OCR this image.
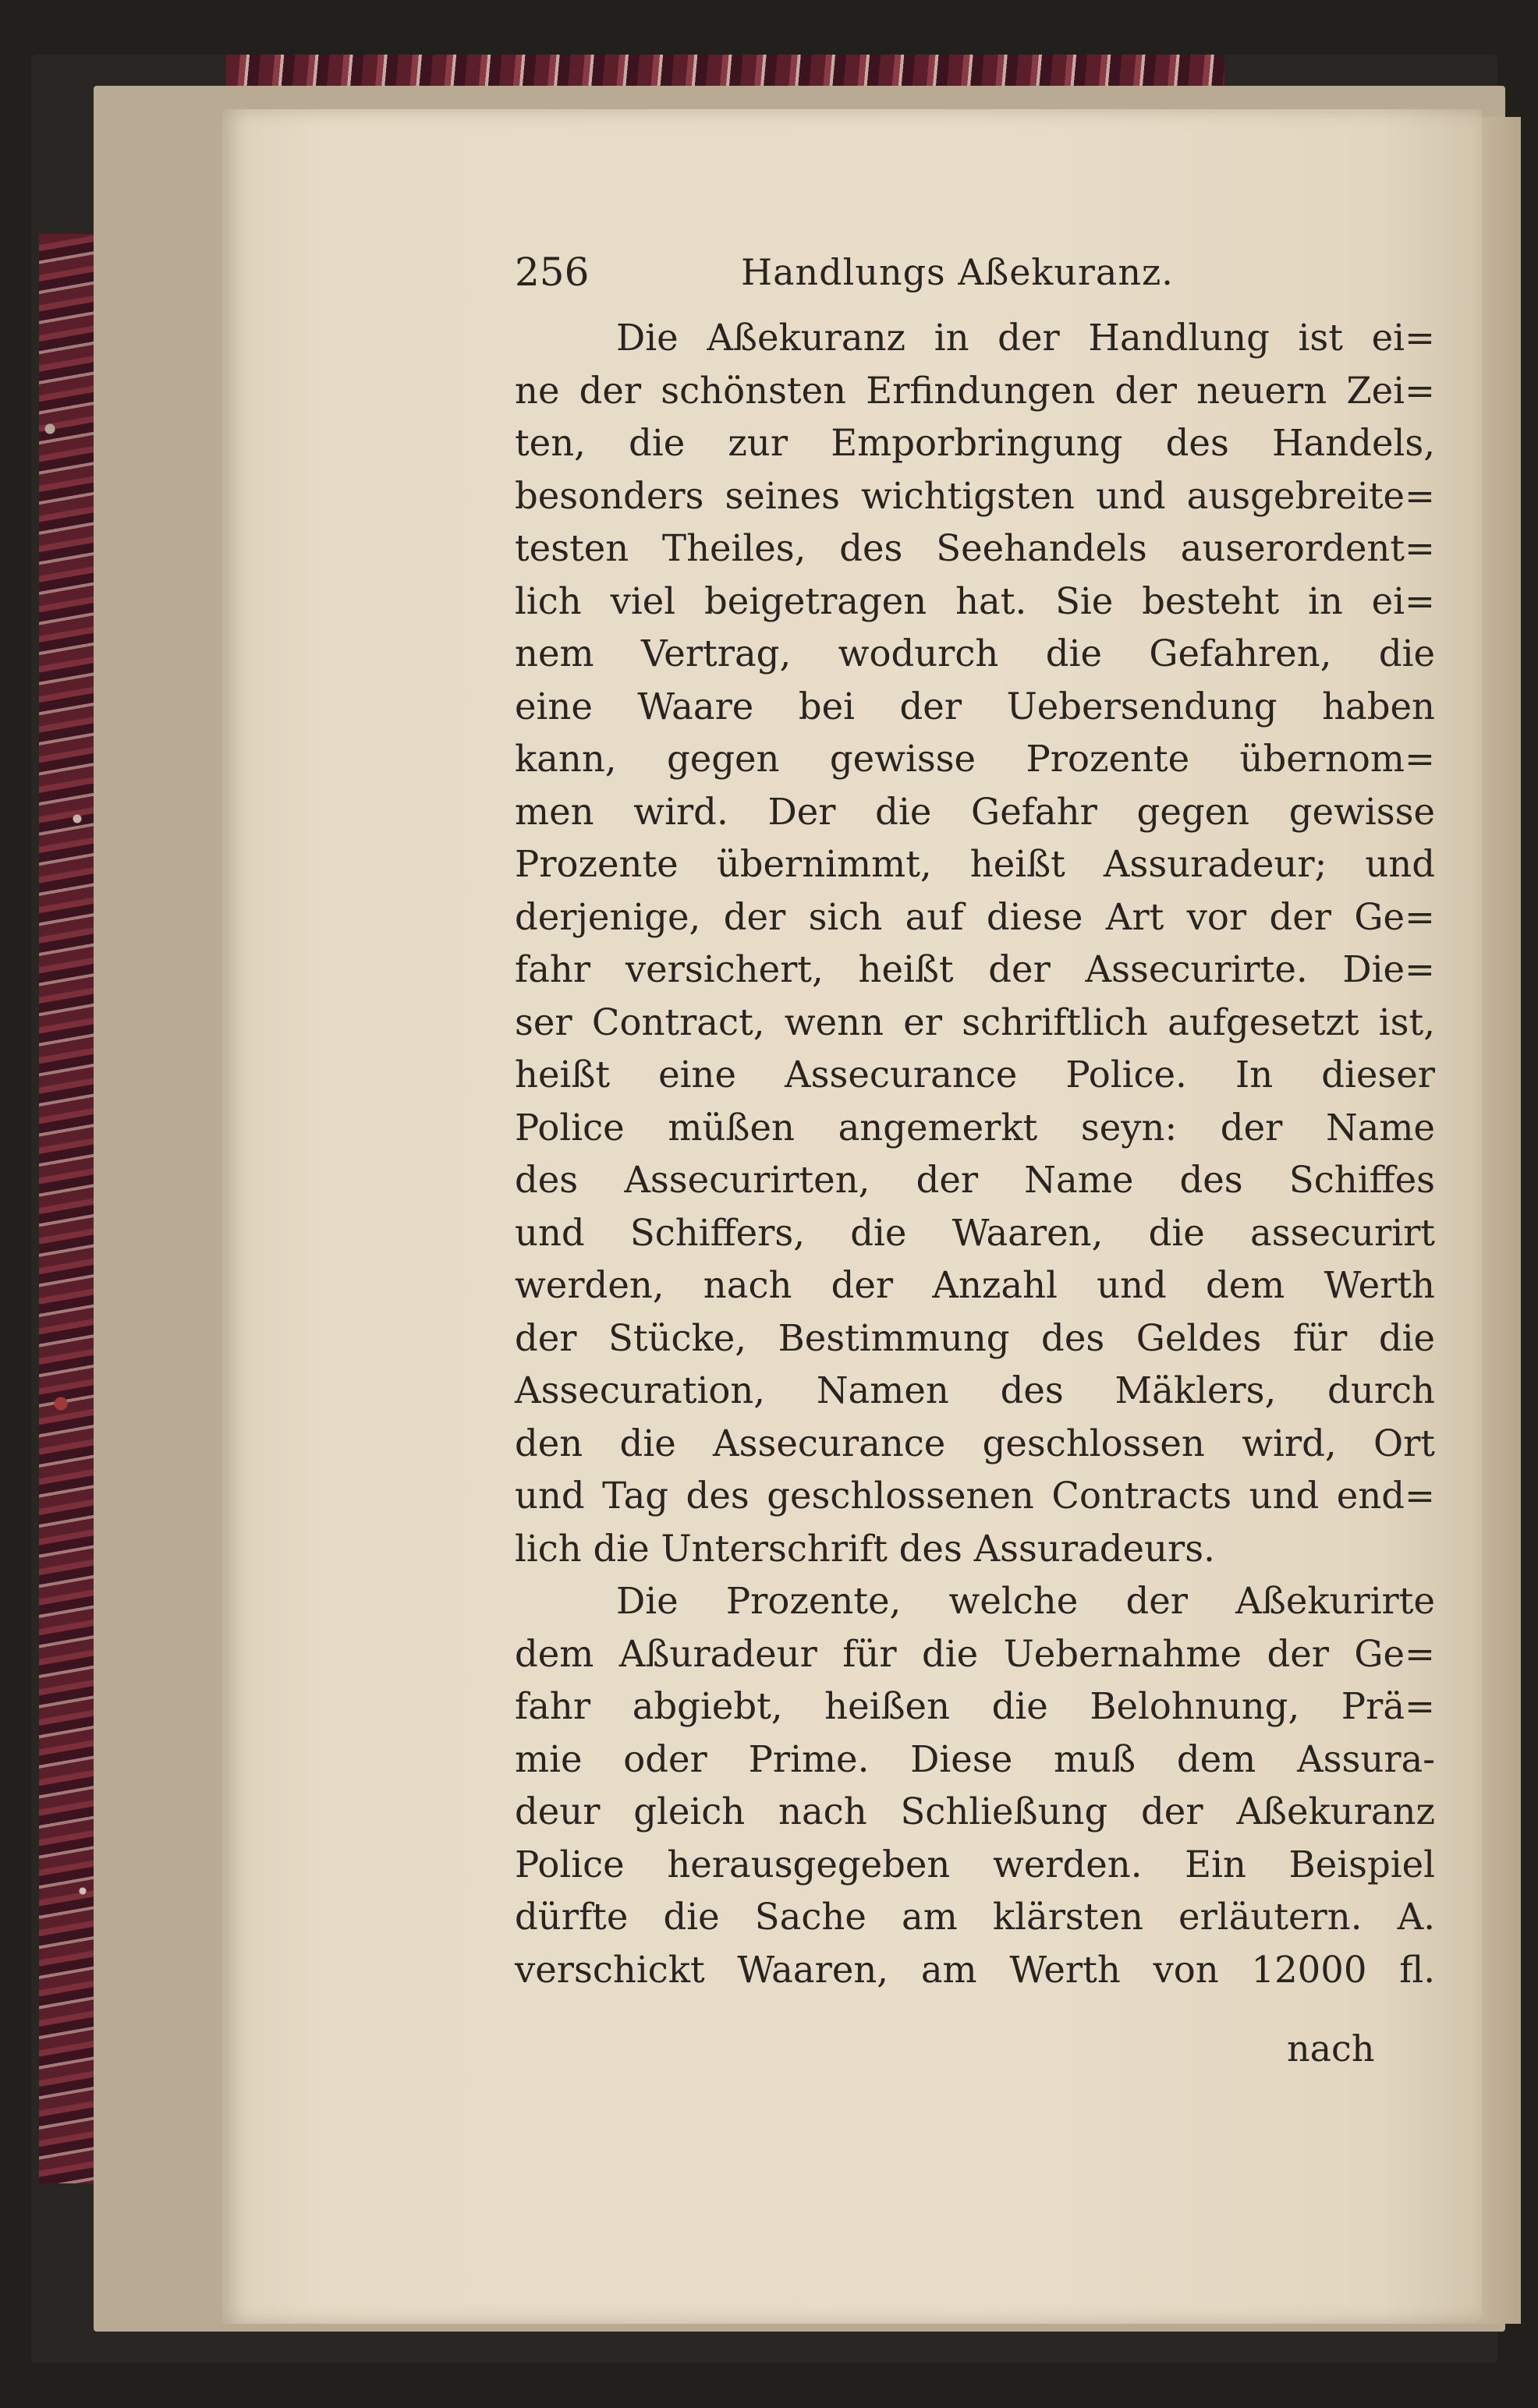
256	Handlungs Aßekuranz.
Die Aßekuranz in der Handlung ist ei=
ne der schönsten Erfindungen der neuern Zei=
ten, die zur Emporbringung des Handels,
besonders seines wichtigsten und ausgebreite=
testen Theiles, des Seehandels auserordent=
lich viel beigetragen hat. Sie besteht in ei=
nem Vertrag, wodurch die Gefahren, die
eine Waare bei der Uebersendung haben
kann, gegen gewisse Prozente übernom=
men wird. Der die Gefahr gegen gewisse
Prozente übernimmt, heißt Assuradeur; und
derjenige, der sich auf diese Art vor der Ge=
fahr versichert, heißt der Assecurirte. Die=
ser Contract, wenn er schriftlich aufgesetzt ist,
heißt eine Assecurance Police. In dieser
Police müßen angemerkt seyn: der Name
des Assecurirten, der Name des Schiffes
und Schiffers, die Waaren, die assecurirt
werden, nach der Anzahl und dem Werth
der Stücke, Bestimmung des Geldes für die
Assecuration, Namen des Mäklers, durch
den die Assecurance geschlossen wird, Ort
und Tag des geschlossenen Contracts und end=
lich die Unterschrift des Assuradeurs.
Die Prozente, welche der Aßekurirte
dem Aßuradeur für die Uebernahme der Ge=
fahr abgiebt, heißen die Belohnung, Prä=
mie oder Prime. Diese muß dem Assura-
deur gleich nach Schließung der Aßekuranz
Police herausgegeben werden. Ein Beispiel
dürfte die Sache am klärsten erläutern. A.
verschickt Waaren, am Werth von 12000 fl.
nach
